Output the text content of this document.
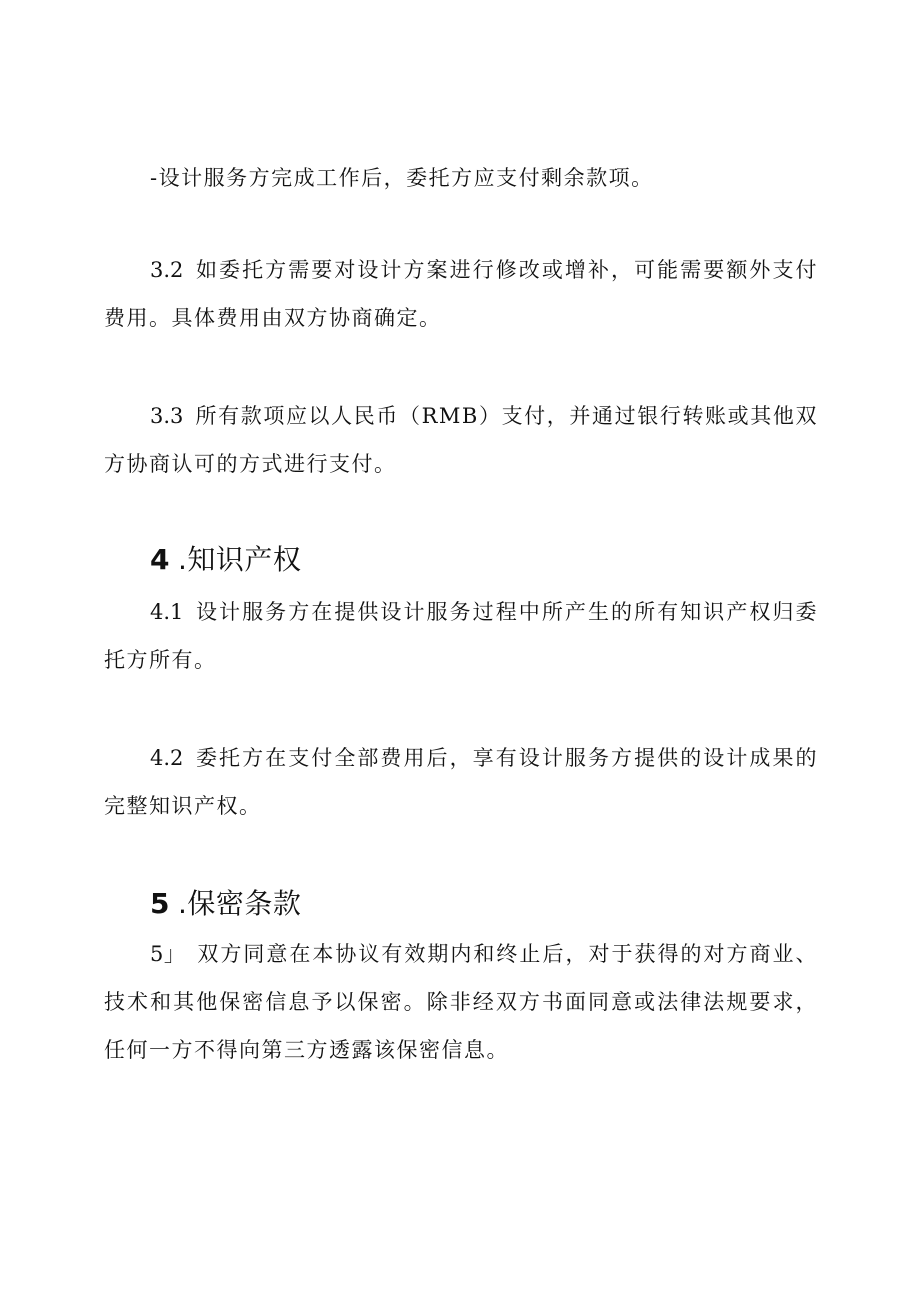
-设计服务方完成工作后，委托方应支付剩余款项。

3.2 如委托方需要对设计方案进行修改或增补，可能需要额外支付费用。具体费用由双方协商确定。

3.3 所有款项应以人民币（RMB）支付，并通过银行转账或其他双方协商认可的方式进行支付。

4 .知识产权

4.1 设计服务方在提供设计服务过程中所产生的所有知识产权归委托方所有。

4.2 委托方在支付全部费用后，享有设计服务方提供的设计成果的完整知识产权。

5 .保密条款

5」 双方同意在本协议有效期内和终止后，对于获得的对方商业、技术和其他保密信息予以保密。除非经双方书面同意或法律法规要求，任何一方不得向第三方透露该保密信息。
